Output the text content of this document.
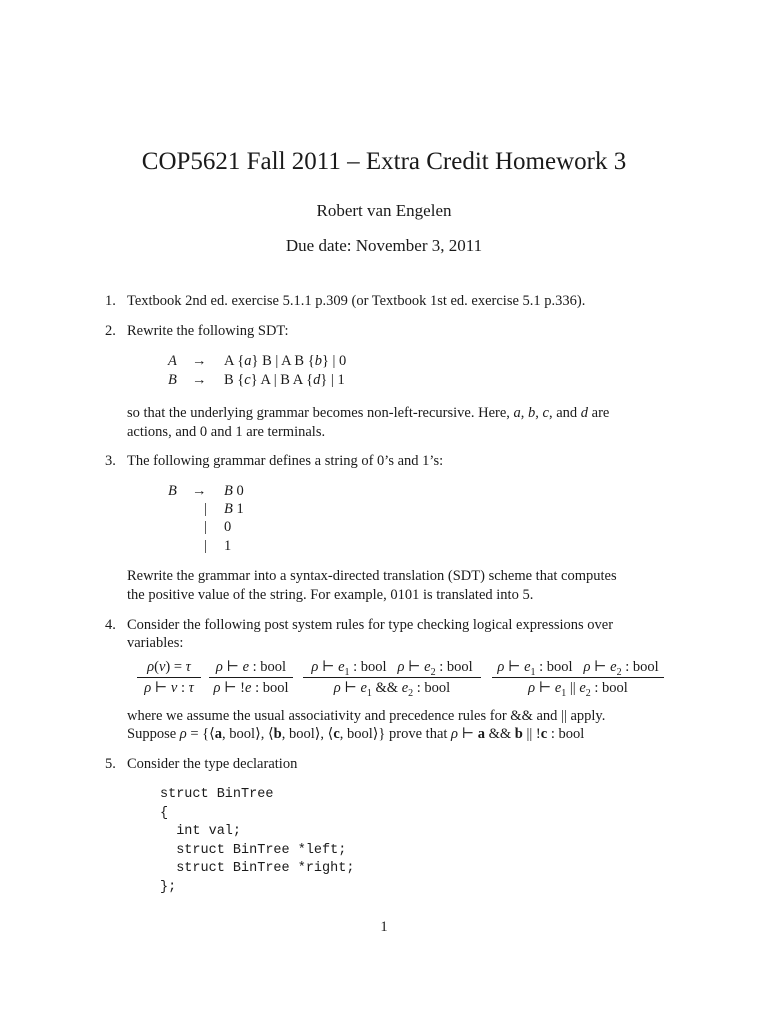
COP5621 Fall 2011 – Extra Credit Homework 3
Robert van Engelen
Due date: November 3, 2011
1. Textbook 2nd ed. exercise 5.1.1 p.309 (or Textbook 1st ed. exercise 5.1 p.336).
2. Rewrite the following SDT:
A → A {a} B | A B {b} | 0
B → B {c} A | B A {d} | 1
so that the underlying grammar becomes non-left-recursive. Here, a, b, c, and d are
actions, and 0 and 1 are terminals.
3. The following grammar defines a string of 0’s and 1’s:
B → B 0
| B 1
| 0
| 1
Rewrite the grammar into a syntax-directed translation (SDT) scheme that computes
the positive value of the string. For example, 0101 is translated into 5.
4. Consider the following post system rules for type checking logical expressions over
variables:
$\frac{\rho(v) = \tau}{\rho ⊢ v : \tau}$	ρ ⊢ e : bool
ρ ⊢ !e : bool
ρ ⊢ $e_1$ : bool   ρ ⊢ $e_2$ : bool
ρ ⊢ $e_1$ && $e_2$ : bool
ρ ⊢ $e_1$ : bool   ρ ⊢ $e_2$ : bool
ρ ⊢ $e_1$ || $e_2$ : bool
where we assume the usual associativity and precedence rules for && and || apply.
Suppose ρ = {⟨a, bool⟩, ⟨b, bool⟩, ⟨c, bool⟩} prove that ρ ⊢ a && b || !c : bool
5. Consider the type declaration
struct BinTree
{
int val;
struct BinTree *left;
struct BinTree *right;
};
1
